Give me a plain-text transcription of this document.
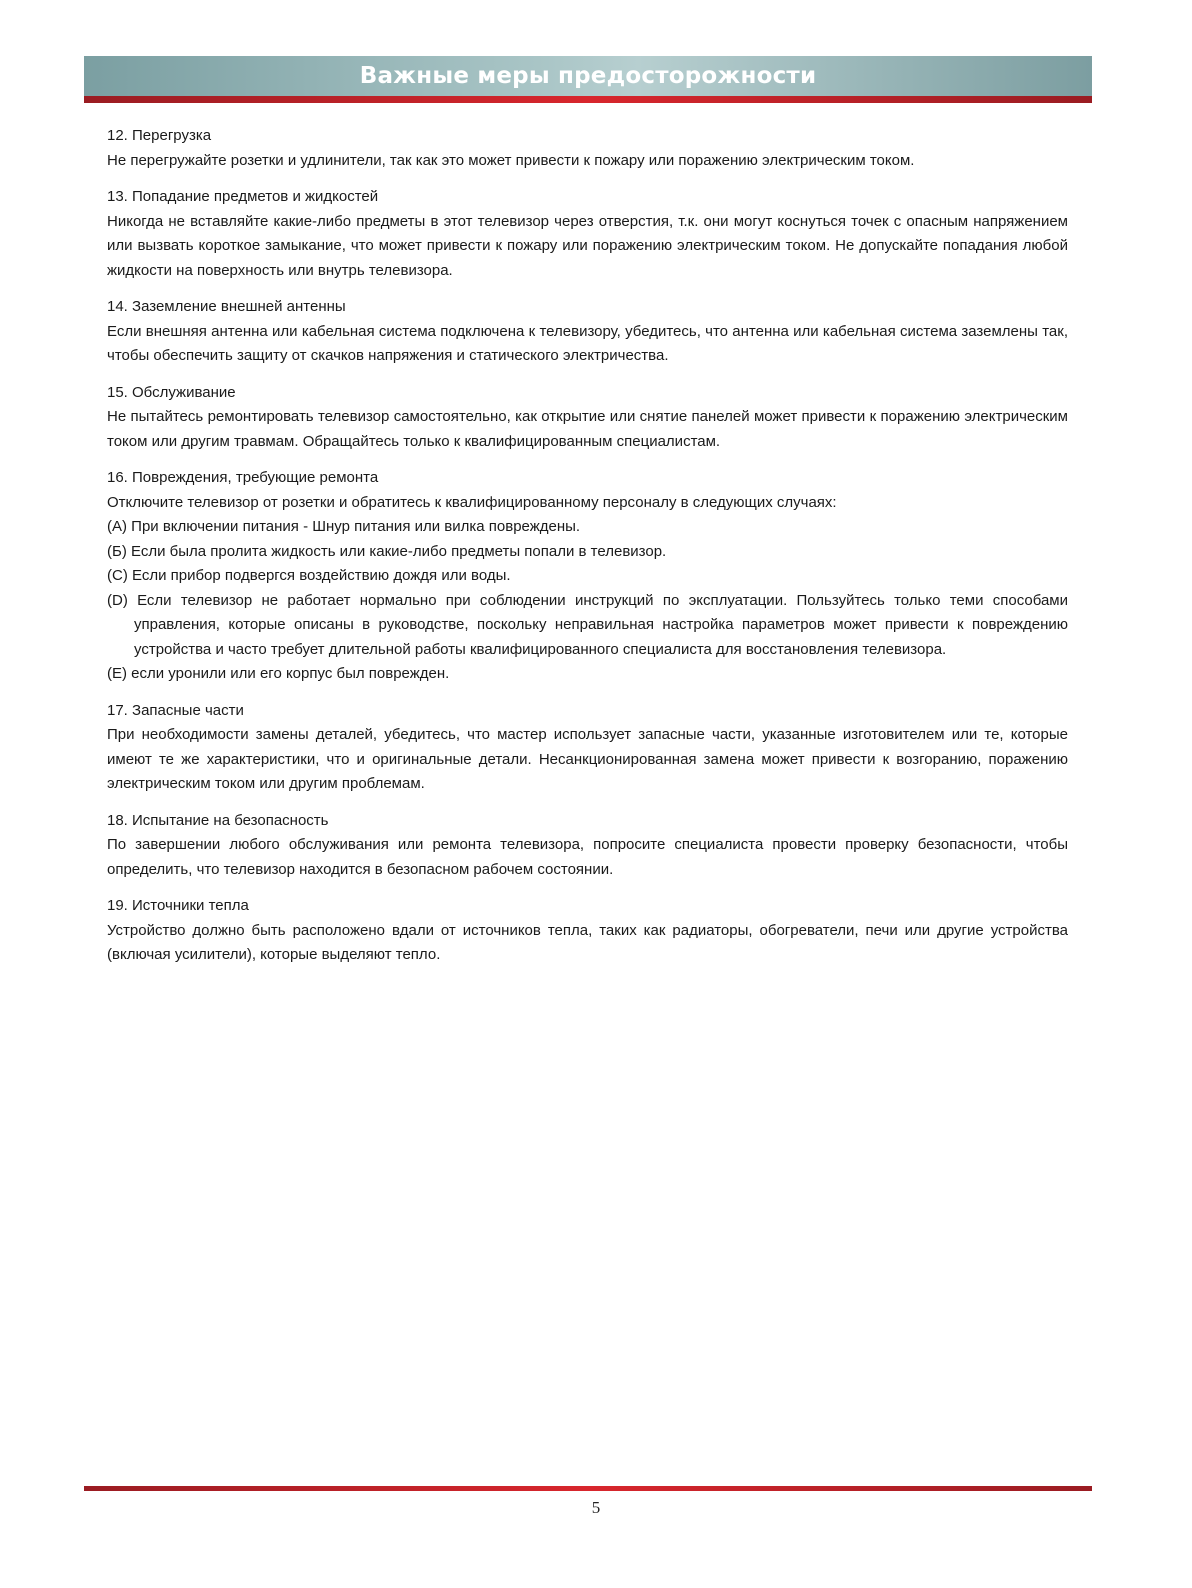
Важные меры предосторожности

12. Перегрузка

Не перегружайте розетки и удлинители, так как это может привести к пожару или поражению электрическим током.

13. Попадание предметов и жидкостей

Никогда не вставляйте какие-либо предметы в этот телевизор через отверстия, т.к. они могут коснуться точек с опасным напряжением или вызвать короткое замыкание, что может привести к пожару или поражению электрическим током. Не допускайте попадания любой жидкости на поверхность или внутрь телевизора.

14. Заземление внешней антенны

Если внешняя антенна или кабельная система подключена к телевизору, убедитесь, что антенна или кабельная система заземлены так, чтобы обеспечить защиту от скачков напряжения и статического электричества.

15. Обслуживание

Не пытайтесь ремонтировать телевизор самостоятельно, как открытие или снятие панелей может привести к поражению электрическим током или другим травмам. Обращайтесь только к квалифицированным специалистам.

16. Повреждения, требующие ремонта

Отключите телевизор от розетки и обратитесь к квалифицированному персоналу в следующих случаях:

(A) При включении питания - Шнур питания или вилка повреждены.
(Б) Если была пролита жидкость или какие-либо предметы попали в телевизор.
(C) Если прибор подвергся воздействию дождя или воды.
(D) Если телевизор не работает нормально при соблюдении инструкций по эксплуатации. Пользуйтесь только теми способами управления, которые описаны в руководстве, поскольку неправильная настройка параметров может привести к повреждению устройства и часто требует длительной работы квалифицированного специалиста для восстановления телевизора.
(E) если уронили или его корпус был поврежден.

17. Запасные части

При необходимости замены деталей, убедитесь, что мастер использует запасные части, указанные изготовителем или те, которые имеют те же характеристики, что и оригинальные детали. Несанкционированная замена может привести к возгоранию, поражению электрическим током или другим проблемам.

18. Испытание на безопасность

По завершении любого обслуживания или ремонта телевизора, попросите специалиста провести проверку безопасности, чтобы определить, что телевизор находится в безопасном рабочем состоянии.

19. Источники тепла

Устройство должно быть расположено вдали от источников тепла, таких как радиаторы, обогреватели, печи или другие устройства (включая усилители), которые выделяют тепло.

5
